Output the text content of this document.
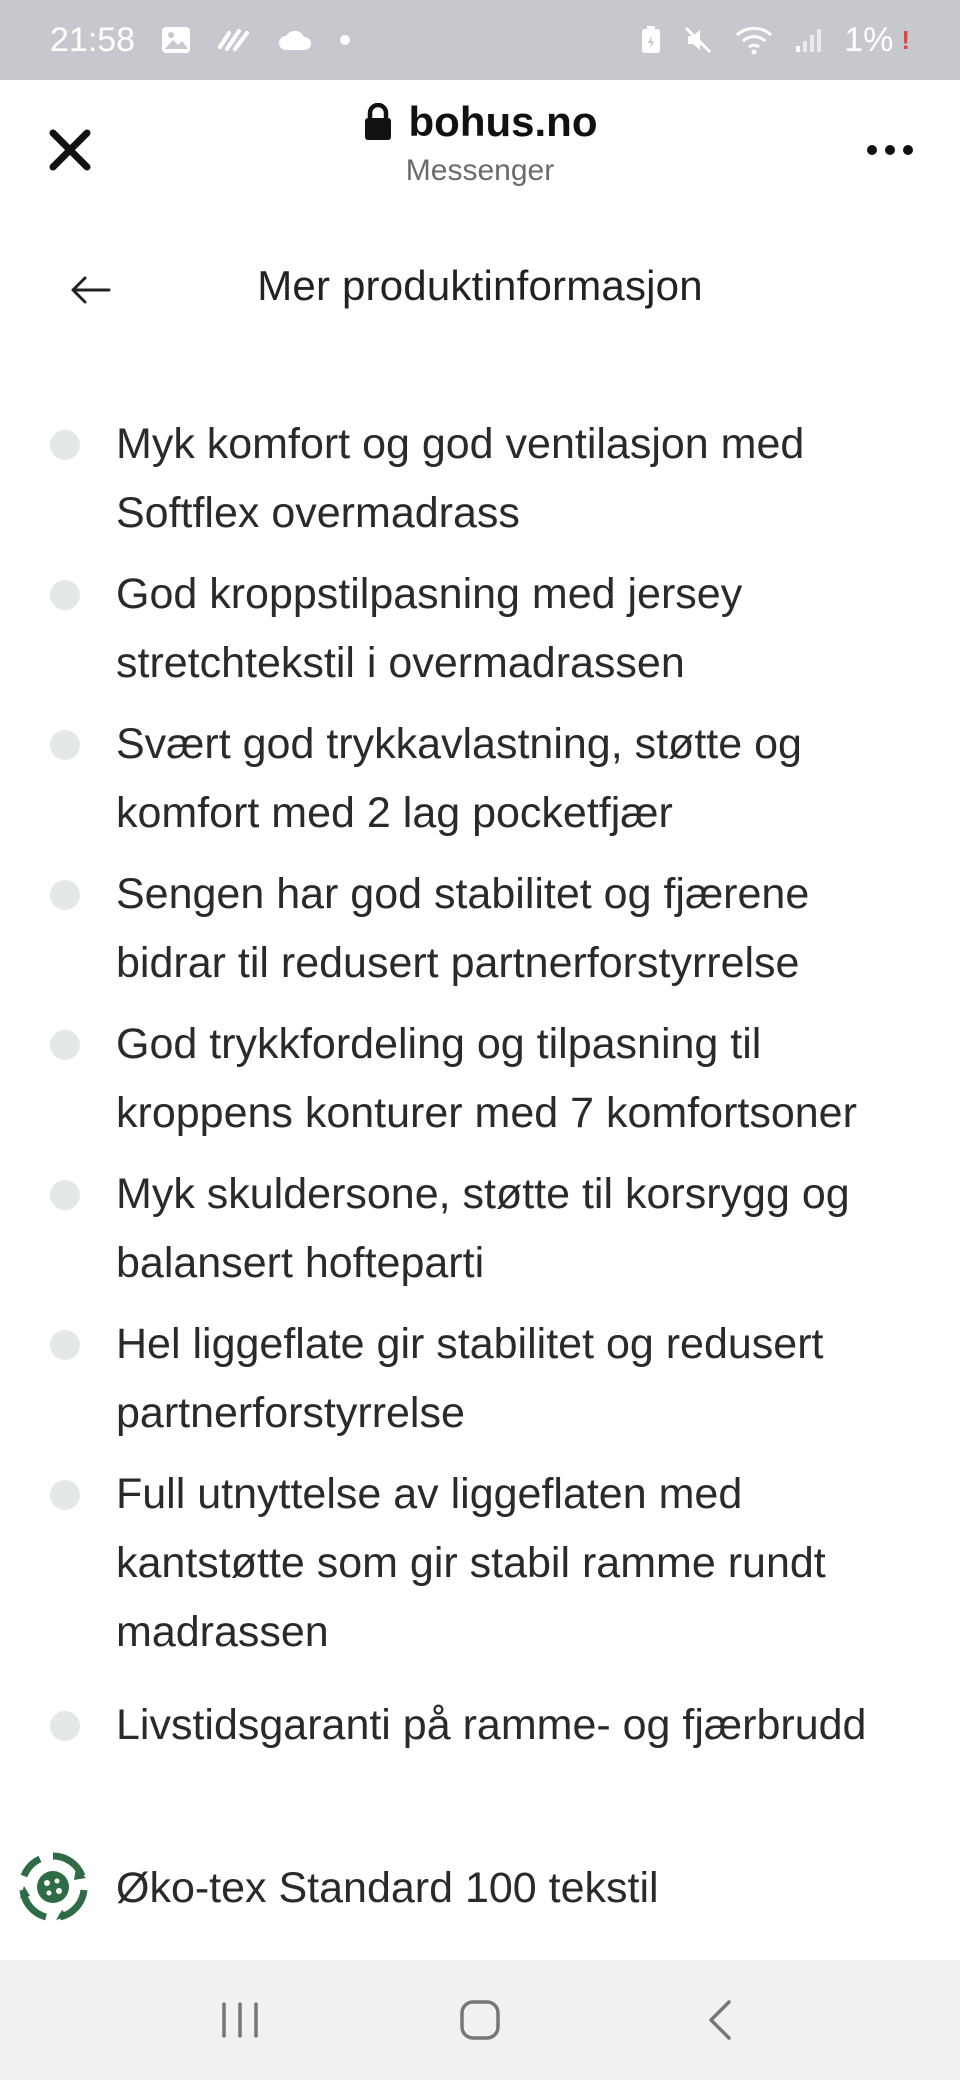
21:58	1% !
bohus.no
Messenger
Mer produktinformasjon
Myk komfort og god ventilasjon med Softflex overmadrass
God kroppstilpasning med jersey stretchtekstil i overmadrassen
Svært god trykkavlastning, støtte og komfort med 2 lag pocketfjær
Sengen har god stabilitet og fjærene bidrar til redusert partnerforstyrrelse
God trykkfordeling og tilpasning til kroppens konturer med 7 komfortsoner
Myk skuldersone, støtte til korsrygg og balansert hofteparti
Hel liggeflate gir stabilitet og redusert partnerforstyrrelse
Full utnyttelse av liggeflaten med kantstøtte som gir stabil ramme rundt madrassen
Livstidsgaranti på ramme- og fjærbrudd
Øko-tex Standard 100 tekstil
